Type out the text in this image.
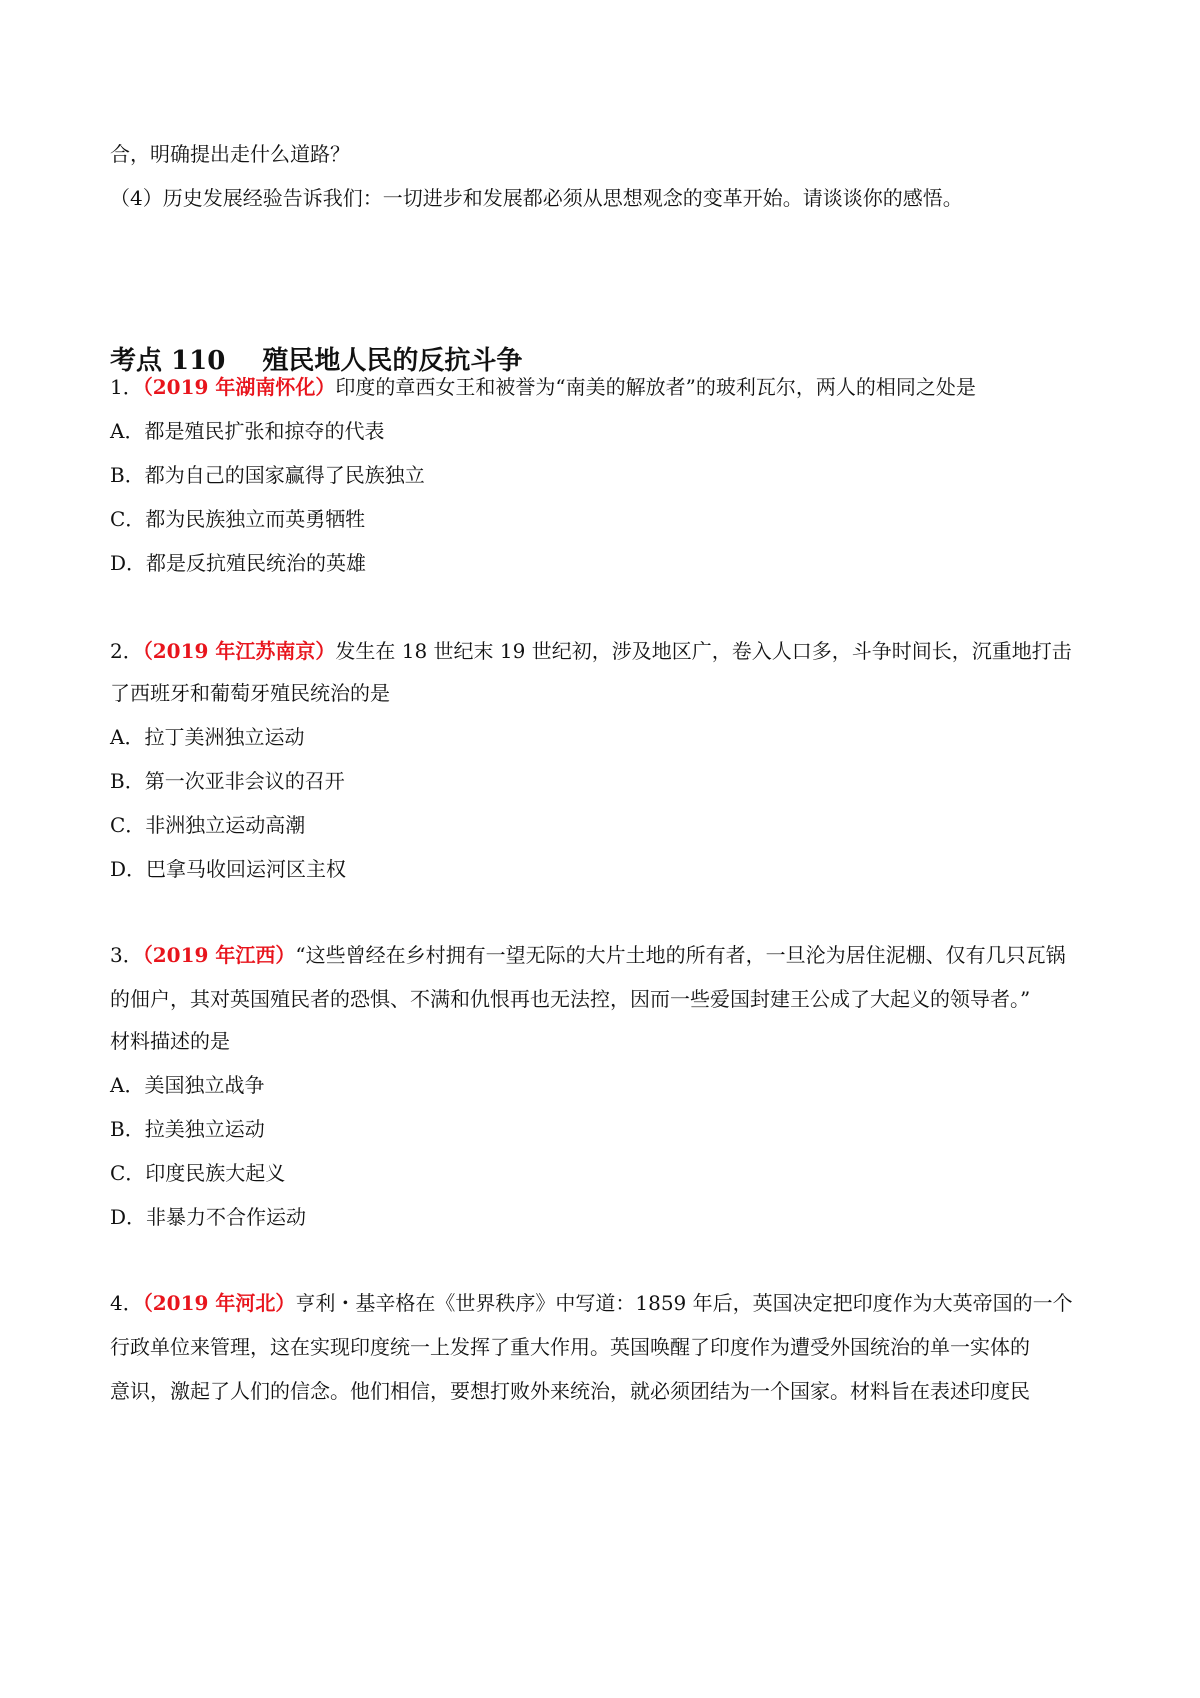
合，明确提出走什么道路？
（4）历史发展经验告诉我们：一切进步和发展都必须从思想观念的变革开始。请谈谈你的感悟。
考点 110 殖民地人民的反抗斗争
1．（2019 年湖南怀化）印度的章西女王和被誉为“南美的解放者”的玻利瓦尔，两人的相同之处是
A．都是殖民扩张和掠夺的代表
B．都为自己的国家赢得了民族独立
C．都为民族独立而英勇牺牲
D．都是反抗殖民统治的英雄
2．（2019 年江苏南京）发生在 18 世纪末 19 世纪初，涉及地区广，卷入人口多，斗争时间长，沉重地打击
了西班牙和葡萄牙殖民统治的是
A．拉丁美洲独立运动
B．第一次亚非会议的召开
C．非洲独立运动高潮
D．巴拿马收回运河区主权
3．（2019 年江西）“这些曾经在乡村拥有一望无际的大片土地的所有者，一旦沦为居住泥棚、仅有几只瓦锅
的佃户，其对英国殖民者的恐惧、不满和仇恨再也无法控，因而一些爱国封建王公成了大起义的领导者。”
材料描述的是
A．美国独立战争
B．拉美独立运动
C．印度民族大起义
D．非暴力不合作运动
4．（2019 年河北）亨利・基辛格在《世界秩序》中写道：1859 年后，英国决定把印度作为大英帝国的一个
行政单位来管理，这在实现印度统一上发挥了重大作用。英国唤醒了印度作为遭受外国统治的单一实体的
意识，激起了人们的信念。他们相信，要想打败外来统治，就必须团结为一个国家。材料旨在表述印度民
